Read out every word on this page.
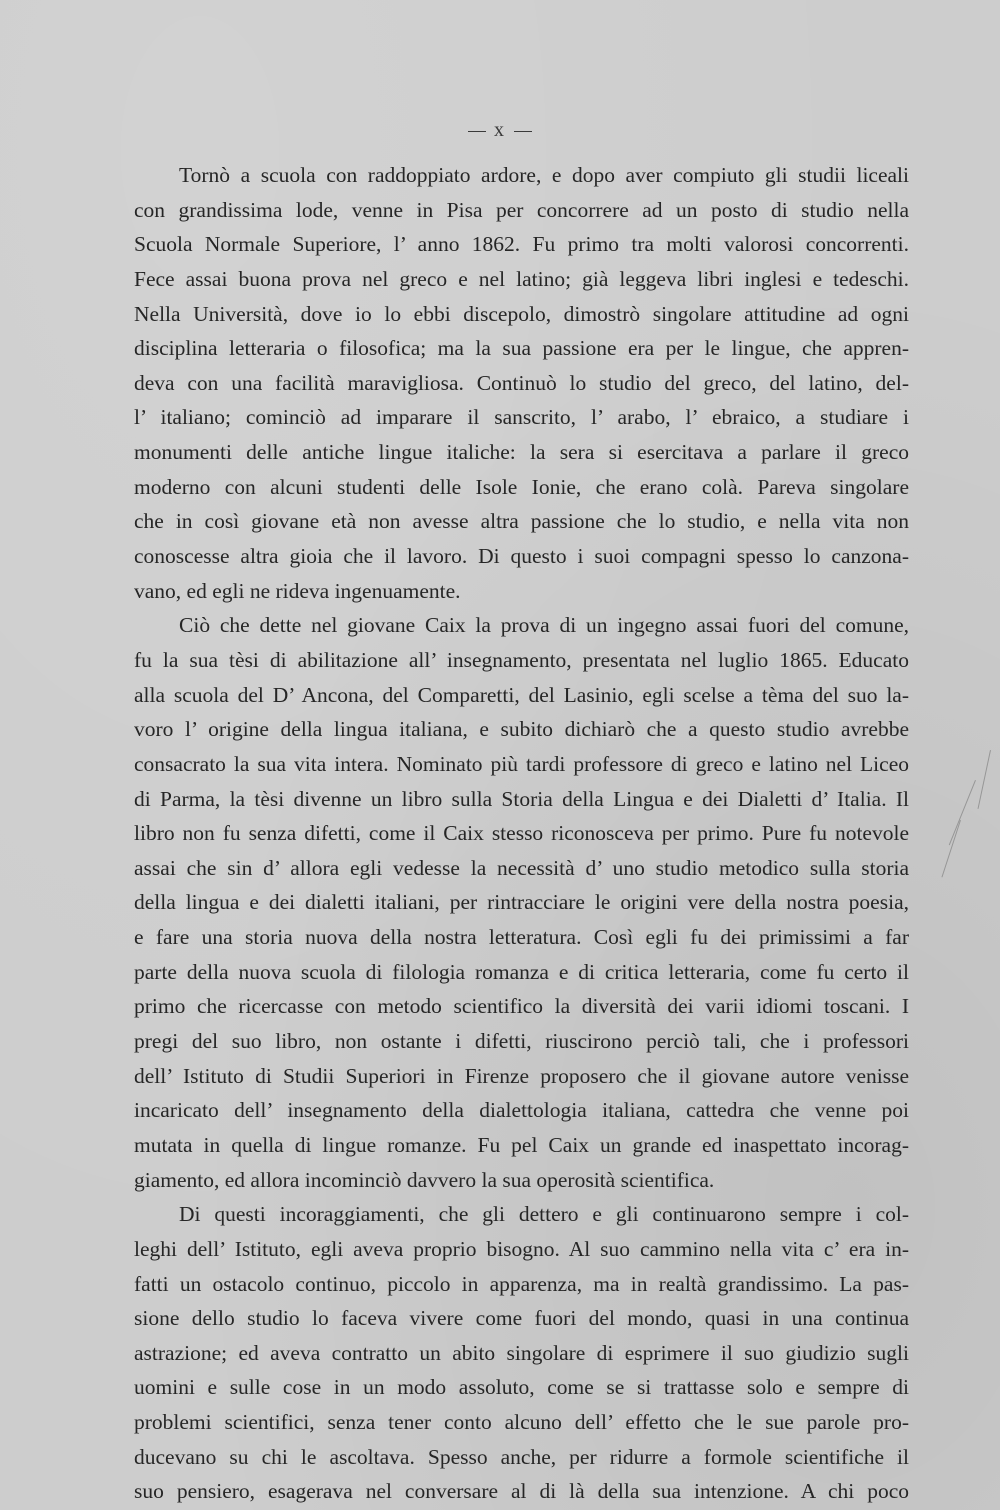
x
Tornò a scuola con raddoppiato ardore, e dopo aver compiuto gli studii liceali
con grandissima lode, venne in Pisa per concorrere ad un posto di studio nella
Scuola Normale Superiore, l’ anno 1862. Fu primo tra molti valorosi concorrenti.
Fece assai buona prova nel greco e nel latino; già leggeva libri inglesi e tedeschi.
Nella Università, dove io lo ebbi discepolo, dimostrò singolare attitudine ad ogni
disciplina letteraria o filosofica; ma la sua passione era per le lingue, che appren-
deva con una facilità maravigliosa. Continuò lo studio del greco, del latino, del-
l’ italiano; cominciò ad imparare il sanscrito, l’ arabo, l’ ebraico, a studiare i
monumenti delle antiche lingue italiche: la sera si esercitava a parlare il greco
moderno con alcuni studenti delle Isole Ionie, che erano colà. Pareva singolare
che in così giovane età non avesse altra passione che lo studio, e nella vita non
conoscesse altra gioia che il lavoro. Di questo i suoi compagni spesso lo canzona-
vano, ed egli ne rideva ingenuamente.
Ciò che dette nel giovane Caix la prova di un ingegno assai fuori del comune,
fu la sua tèsi di abilitazione all’ insegnamento, presentata nel luglio 1865. Educato
alla scuola del D’ Ancona, del Comparetti, del Lasinio, egli scelse a tèma del suo la-
voro l’ origine della lingua italiana, e subito dichiarò che a questo studio avrebbe
consacrato la sua vita intera. Nominato più tardi professore di greco e latino nel Liceo
di Parma, la tèsi divenne un libro sulla Storia della Lingua e dei Dialetti d’ Italia. Il
libro non fu senza difetti, come il Caix stesso riconosceva per primo. Pure fu notevole
assai che sin d’ allora egli vedesse la necessità d’ uno studio metodico sulla storia
della lingua e dei dialetti italiani, per rintracciare le origini vere della nostra poesia,
e fare una storia nuova della nostra letteratura. Così egli fu dei primissimi a far
parte della nuova scuola di filologia romanza e di critica letteraria, come fu certo il
primo che ricercasse con metodo scientifico la diversità dei varii idiomi toscani. I
pregi del suo libro, non ostante i difetti, riuscirono perciò tali, che i professori
dell’ Istituto di Studii Superiori in Firenze proposero che il giovane autore venisse
incaricato dell’ insegnamento della dialettologia italiana, cattedra che venne poi
mutata in quella di lingue romanze. Fu pel Caix un grande ed inaspettato incorag-
giamento, ed allora incominciò davvero la sua operosità scientifica.
Di questi incoraggiamenti, che gli dettero e gli continuarono sempre i col-
leghi dell’ Istituto, egli aveva proprio bisogno. Al suo cammino nella vita c’ era in-
fatti un ostacolo continuo, piccolo in apparenza, ma in realtà grandissimo. La pas-
sione dello studio lo faceva vivere come fuori del mondo, quasi in una continua
astrazione; ed aveva contratto un abito singolare di esprimere il suo giudizio sugli
uomini e sulle cose in un modo assoluto, come se si trattasse solo e sempre di
problemi scientifici, senza tener conto alcuno dell’ effetto che le sue parole pro-
ducevano su chi le ascoltava. Spesso anche, per ridurre a formole scientifiche il
suo pensiero, esagerava nel conversare al di là della sua intenzione. A chi poco
